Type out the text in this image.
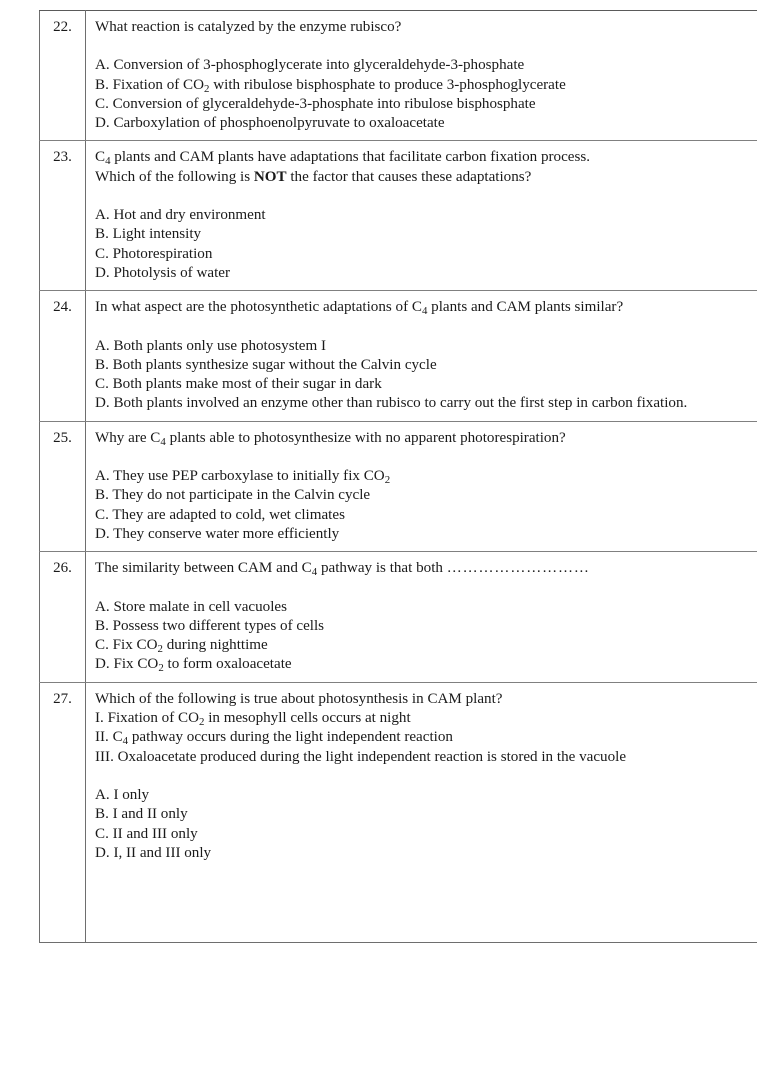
22.	What reaction is catalyzed by the enzyme rubisco?
A. Conversion of 3-phosphoglycerate into glyceraldehyde-3-phosphate
B. Fixation of $CO_2$ with ribulose bisphosphate to produce 3-phosphoglycerate
C. Conversion of glyceraldehyde-3-phosphate into ribulose bisphosphate
D. Carboxylation of phosphoenolpyruvate to oxaloacetate

23.	$C_4$ plants and CAM plants have adaptations that facilitate carbon fixation process.
Which of the following is NOT the factor that causes these adaptations?
A. Hot and dry environment
B. Light intensity
C. Photorespiration
D. Photolysis of water

24.	In what aspect are the photosynthetic adaptations of $C_4$ plants and CAM plants similar?
A. Both plants only use photosystem I
B. Both plants synthesize sugar without the Calvin cycle
C. Both plants make most of their sugar in dark
D. Both plants involved an enzyme other than rubisco to carry out the first step in carbon fixation.

25.	Why are $C_4$ plants able to photosynthesize with no apparent photorespiration?
A. They use PEP carboxylase to initially fix $CO_2$
B. They do not participate in the Calvin cycle
C. They are adapted to cold, wet climates
D. They conserve water more efficiently

26.	The similarity between CAM and $C_4$ pathway is that both ………………………
A. Store malate in cell vacuoles
B. Possess two different types of cells
C. Fix $CO_2$ during nighttime
D. Fix $CO_2$ to form oxaloacetate

27.	Which of the following is true about photosynthesis in CAM plant?
I. Fixation of $CO_2$ in mesophyll cells occurs at night
II. $C_4$ pathway occurs during the light independent reaction
III. Oxaloacetate produced during the light independent reaction is stored in the vacuole
A. I only
B. I and II only
C. II and III only
D. I, II and III only
